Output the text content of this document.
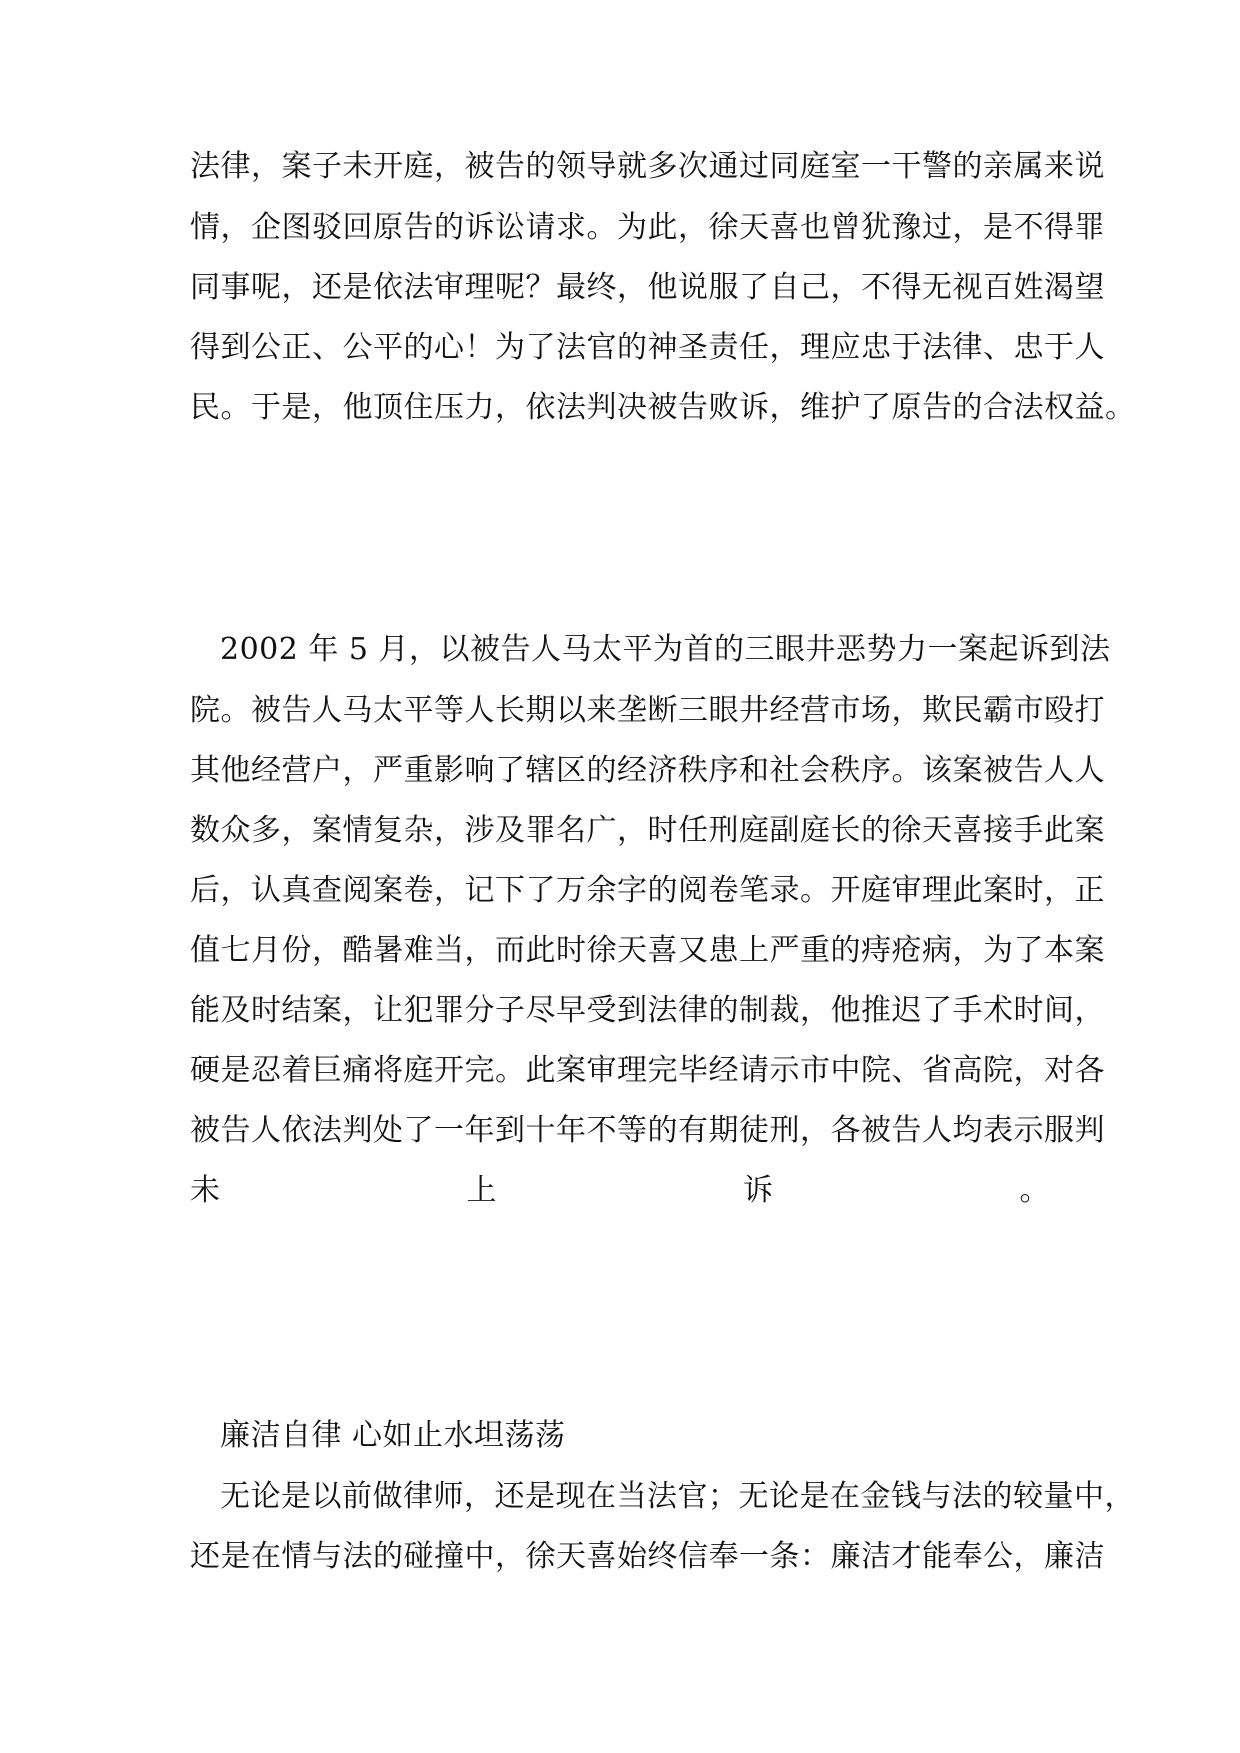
法律，案子未开庭，被告的领导就多次通过同庭室一干警的亲属来说
情，企图驳回原告的诉讼请求。为此，徐天喜也曾犹豫过，是不得罪
同事呢，还是依法审理呢？最终，他说服了自己，不得无视百姓渴望
得到公正、公平的心！为了法官的神圣责任，理应忠于法律、忠于人
民。于是，他顶住压力，依法判决被告败诉，维护了原告的合法权益。
2002 年 5 月，以被告人马太平为首的三眼井恶势力一案起诉到法
院。被告人马太平等人长期以来垄断三眼井经营市场，欺民霸市殴打
其他经营户，严重影响了辖区的经济秩序和社会秩序。该案被告人人
数众多，案情复杂，涉及罪名广，时任刑庭副庭长的徐天喜接手此案
后，认真查阅案卷，记下了万余字的阅卷笔录。开庭审理此案时，正
值七月份，酷暑难当，而此时徐天喜又患上严重的痔疮病，为了本案
能及时结案，让犯罪分子尽早受到法律的制裁，他推迟了手术时间，
硬是忍着巨痛将庭开完。此案审理完毕经请示市中院、省高院，对各
被告人依法判处了一年到十年不等的有期徒刑，各被告人均表示服判
未上诉。
廉洁自律 心如止水坦荡荡
无论是以前做律师，还是现在当法官；无论是在金钱与法的较量中，
还是在情与法的碰撞中，徐天喜始终信奉一条：廉洁才能奉公，廉洁
